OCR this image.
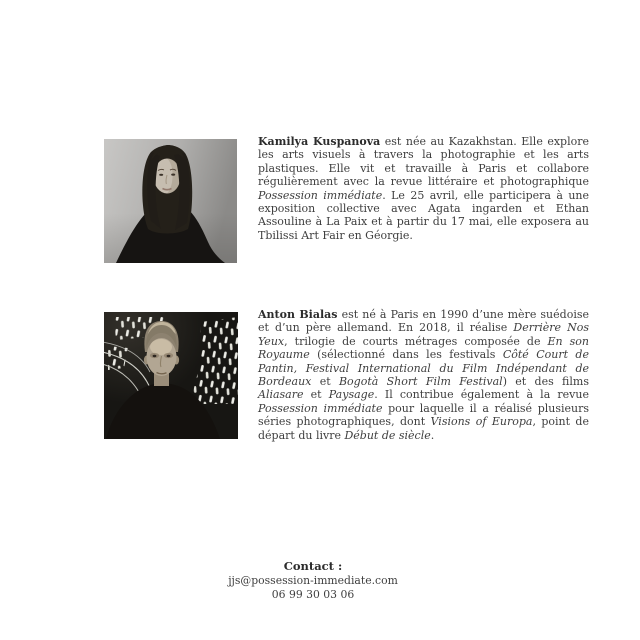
Kamilya Kuspanova est née au Kazakhstan. Elle explore les arts visuels à travers la photographie et les arts plastiques. Elle vit et travaille à Paris et collabore régulièrement avec la revue littéraire et photographique Possession immédiate. Le 25 avril, elle participera à une exposition collective avec Agata ingarden et Ethan Assouline à La Paix et à partir du 17 mai, elle exposera au Tbilissi Art Fair en Géorgie.

Anton Bialas est né à Paris en 1990 d’une mère suédoise et d’un père allemand. En 2018, il réalise Derrière Nos Yeux, trilogie de courts métrages composée de En son Royaume (sélectionné dans les festivals Côté Court de Pantin, Festival International du Film Indépendant de Bordeaux et Bogotà Short Film Festival) et des films Aliasare et Paysage. Il contribue également à la revue Possession immédiate pour laquelle il a réalisé plusieurs séries photographiques, dont Visions of Europa, point de départ du livre Début de siècle.

Contact :
jjs@possession-immediate.com
06 99 30 03 06
